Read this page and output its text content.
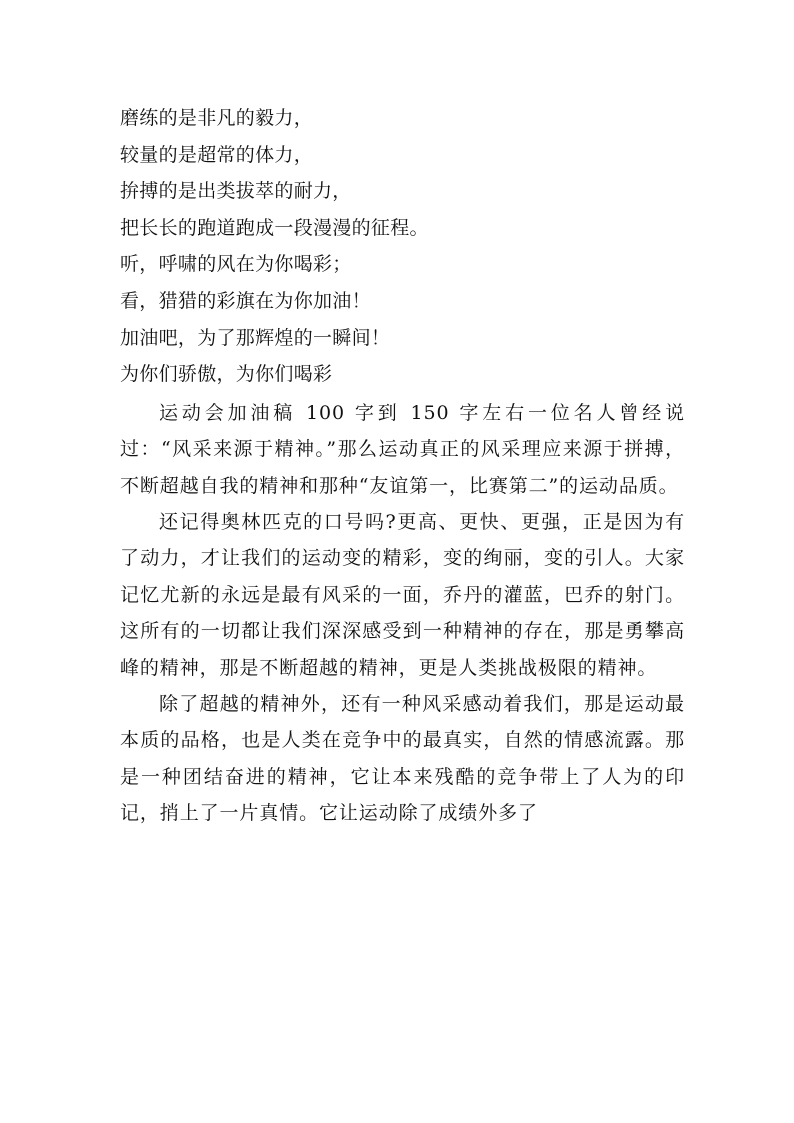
磨练的是非凡的毅力，
较量的是超常的体力，
拚搏的是出类拔萃的耐力，
把长长的跑道跑成一段漫漫的征程。
听，呼啸的风在为你喝彩；
看，猎猎的彩旗在为你加油！
加油吧，为了那辉煌的一瞬间！
为你们骄傲，为你们喝彩

运动会加油稿 100 字到 150 字左右一位名人曾经说过：“风采来源于精神。”那么运动真正的风采理应来源于拼搏，不断超越自我的精神和那种“友谊第一，比赛第二”的运动品质。

还记得奥林匹克的口号吗?更高、更快、更强，正是因为有了动力，才让我们的运动变的精彩，变的绚丽，变的引人。大家记忆尤新的永远是最有风采的一面，乔丹的灌蓝，巴乔的射门。这所有的一切都让我们深深感受到一种精神的存在，那是勇攀高峰的精神，那是不断超越的精神，更是人类挑战极限的精神。

除了超越的精神外，还有一种风采感动着我们，那是运动最本质的品格，也是人类在竞争中的最真实，自然的情感流露。那是一种团结奋进的精神，它让本来残酷的竞争带上了人为的印记，捎上了一片真情。它让运动除了成绩外多了
